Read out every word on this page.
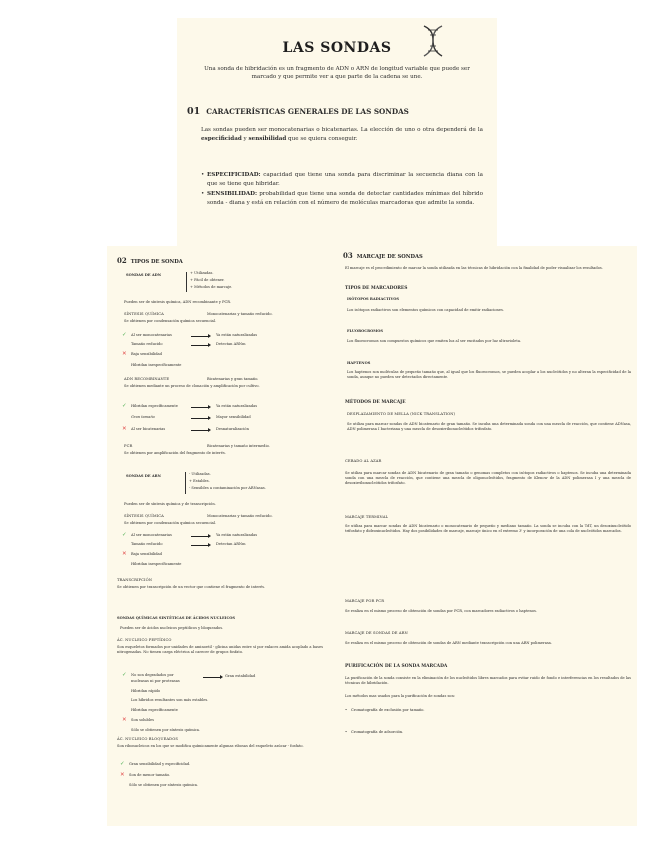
LAS SONDAS
Una sonda de hibridación es un fragmento de ADN o ARN de longitud variable que puede ser marcado y que permite ver a que parte de la cadena se une.
01 CARACTERÍSTICAS GENERALES DE LAS SONDAS
Las sondas pueden ser monocatenarias o bicatenarias. La elección de uno o otra dependerá de la especificidad y sensibilidad que se quiera conseguir.
• ESPECIFICIDAD: capacidad que tiene una sonda para discriminar la secuencia diana con la que se tiene que hibridar.
• SENSIBILIDAD: probabilidad que tiene una sonda de detectar cantidades mínimas del híbrido sonda - diana y está en relación con el número de moléculas marcadoras que admite la sonda.
02 TIPOS DE SONDA
SONDAS DE ADN	+ Utilizadas.
+ Fácil de obtener.
+ Métodos de marcaje.
Pueden ser de síntesis química, ADN recombinante y PCR.
SÍNTESIS QUÍMICA	Monocatenarias y tamaño reducido.
Se obtienen por condensación química secuencial.
✓ Al ser monocatenarias	Ya están naturalizadas
Tamaño reducido	Detectan ARNm
✕ Baja sensibilidad
Hibridan inespecíficamente
ADN RECOMBINANTE	Bicatenarias y gran tamaño.
Se obtienen mediante un proceso de clonación y amplificación por cultivo.
✓ Hibridan específicamente	Ya están naturalizadas
Gran tamaño	Mayor sensibilidad
✕ Al ser bicatenarias	Desnaturalización
PCR	Bicatenarias y tamaño intermedio.
Se obtienen por amplificación del fragmento de interés.
SONDAS DE ARN	- Utilizadas.
+ Estables.
- Sensibles a contaminación por ARNasas.
Pueden ser de síntesis química y de transcripción.
SÍNTESIS QUÍMICA	Monocatenarias y tamaño reducido.
Se obtienen por condensación química secuencial.
✓ Al ser monocatenarias	Ya están naturalizadas
Tamaño reducido	Detectan ARNm
✕ Baja sensibilidad
Hibridan inespecíficamente
TRANSCRIPCIÓN
Se obtienen por transcripción de un vector que contiene el fragmento de interés.
SONDAS QUÍMICAS SINTÉTICAS DE ÁCIDOS NUCLEICOS
Pueden ser de ácidos nucleicos peptídicos y bloqueados.
ÁC. NUCLEICO PEPTÍDICO
Son esqueletos formados por unidades de aminoetil - glicina unidas entre sí por enlaces amida acoplado a bases nitrogenadas. No tienen carga eléctrica al carecer de grupos fosfato.
✓ No son degradados por
nucleasas ni por proteasas
Gran estabilidad
Hibridan rápido
Los híbridos resultantes son más estables.
Hibridan específicamente
✕ Son solubles
Sólo se obtienen por síntesis química.
ÁC. NUCLEICO BLOQUEADOS
Son ribonucleicos en los que se modifica químicamente algunas ribosas del esqueleto azúcar - fosfato.
✓ Gran sensibilidad y especificidad.
✕ Son de menor tamaño.
Sólo se obtienen por síntesis química.
03 MARCAJE DE SONDAS
El marcaje es el procedimiento de marcar la sonda utilizada en las técnicas de hibridación con la finalidad de poder visualizar los resultados.
TIPOS DE MARCADORES
ISÓTOPOS RADIACTIVOS
Los isótopos radiactivos son elementos químicos con capacidad de emitir radiaciones.
FLUOROCROMOS
Los fluorocromos son compuestos químicos que emiten luz al ser excitados por luz ultravioleta.
HAPTENOS
Los haptenos son moléculas de pequeño tamaño que, al igual que los fluorocromos, se pueden acoplar a los nucleótidos y no alteran la especificidad de la sonda, aunque no pueden ser detectados directamente.
MÉTODOS DE MARCAJE
DESPLAZAMIENTO DE MELLA (NICK TRANSLATION)
Se utiliza para marcar sondas de ADN bicatenario de gran tamaño. Se incuba una determinada sonda con una mezcla de reacción, que contiene ADNasa, ADN polimerasa I bacteriana y una mezcla de desoxirribonucleótidos trifosfato.
CEBADO AL AZAR
Se utiliza para marcar sondas de ADN bicatenario de gran tamaño o genomas completos con isótopos radiactivos o haptenos. Se incuba una determinada sonda con una mezcla de reacción, que contiene una mezcla de oligonucleótidos, fragmento de Klenow de la ADN polimerasa I y una mezcla de desoxirribonucleótidos trifosfato.
MARCAJE TERMINAL
Se utiliza para marcar sondas de ADN bicatenario o monocatenario de pequeño y mediano tamaño. La sonda se incuba con la TdT, un desoxinucleótido trifosfato y dideoxinucleótidos. Hay dos posibilidades de marcaje, marcaje único en el extremo 3' y incorporación de una cola de nucleótidos marcados.
MARCAJE POR PCR
Se realiza en el mismo proceso de obtención de sondas por PCR, con marcadores radiactivos o haptenos.
MARCAJE DE SONDAS DE ARN
Se realiza en el mismo proceso de obtención de sondas de ARN mediante transcripción con una ARN polimerasa.
PURIFICACIÓN DE LA SONDA MARCADA
La purificación de la sonda consiste en la eliminación de los nucleótidos libres marcados para evitar ruido de fondo e interferencias en los resultados de las técnicas de hibridación.
Los métodos mas usados para la purificación de sondas son:
• Cromatografía de exclusión por tamaño.
• Cromatografía de adsorción.
